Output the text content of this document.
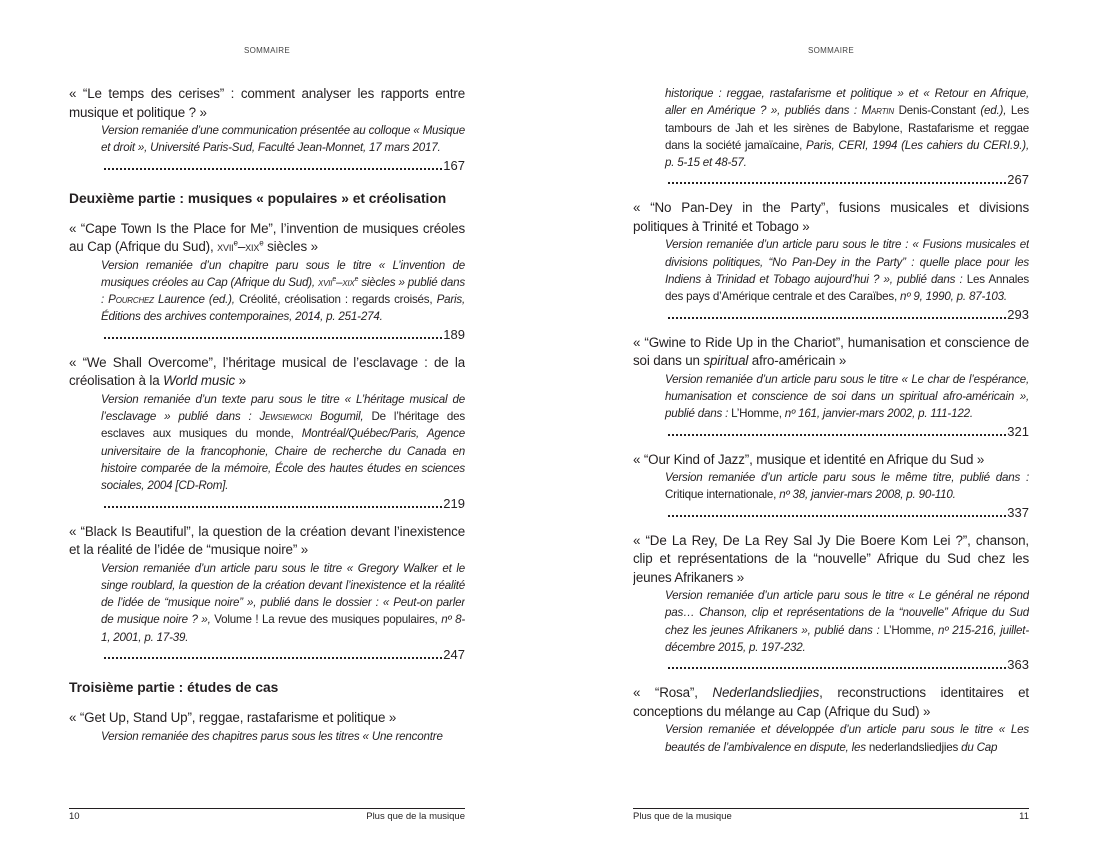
SOMMAIRE
« “Le temps des cerises” : comment analyser les rapports entre musique et politique ? »
Version remaniée d’une communication présentée au colloque « Musique et droit », Université Paris-Sud, Faculté Jean-Monnet, 17 mars 2017.
167
Deuxième partie : musiques « populaires » et créolisation
« “Cape Town Is the Place for Me”, l’invention de musiques créoles au Cap (Afrique du Sud), xvii$^e$–xix$^e$ siècles »
Version remaniée d’un chapitre paru sous le titre « L’invention de musiques créoles au Cap (Afrique du Sud), xvii$^e$–xix$^e$ siècles » publié dans : Pourchez Laurence (ed.), Créolité, créolisation : regards croisés, Paris, Éditions des archives contemporaines, 2014, p. 251-274.
189
« “We Shall Overcome”, l’héritage musical de l’esclavage : de la créolisation à la World music »
Version remaniée d’un texte paru sous le titre « L’héritage musical de l’esclavage » publié dans : Jewsiewicki Bogumil, De l’héritage des esclaves aux musiques du monde, Montréal/Québec/Paris, Agence universitaire de la francophonie, Chaire de recherche du Canada en histoire comparée de la mémoire, École des hautes études en sciences sociales, 2004 [CD-Rom].
219
« “Black Is Beautiful”, la question de la création devant l’inexistence et la réalité de l’idée de “musique noire” »
Version remaniée d’un article paru sous le titre « Gregory Walker et le singe roublard, la question de la création devant l’inexistence et la réalité de l’idée de “musique noire” », publié dans le dossier : « Peut-on parler de musique noire ? », Volume ! La revue des musiques populaires, nº 8-1, 2001, p. 17-39.
247
Troisième partie : études de cas
« “Get Up, Stand Up”, reggae, rastafarisme et politique »
Version remaniée des chapitres parus sous les titres « Une rencontre
10	Plus que de la musique
SOMMAIRE
historique : reggae, rastafarisme et politique » et « Retour en Afrique, aller en Amérique ? », publiés dans : Martin Denis-Constant (ed.), Les tambours de Jah et les sirènes de Babylone, Rastafarisme et reggae dans la société jamaïcaine, Paris, CERI, 1994 (Les cahiers du CERI.9.), p. 5-15 et 48-57.
267
« “No Pan-Dey in the Party”, fusions musicales et divisions politiques à Trinité et Tobago »
Version remaniée d’un article paru sous le titre : « Fusions musicales et divisions politiques, “No Pan-Dey in the Party” : quelle place pour les Indiens à Trinidad et Tobago aujourd’hui ? », publié dans : Les Annales des pays d’Amérique centrale et des Caraïbes, nº 9, 1990, p. 87-103.
293
« “Gwine to Ride Up in the Chariot”, humanisation et conscience de soi dans un spiritual afro-américain »
Version remaniée d’un article paru sous le titre « Le char de l’espérance, humanisation et conscience de soi dans un spiritual afro-américain », publié dans : L’Homme, nº 161, janvier-mars 2002, p. 111-122.
321
« “Our Kind of Jazz”, musique et identité en Afrique du Sud »
Version remaniée d’un article paru sous le même titre, publié dans : Critique internationale, nº 38, janvier-mars 2008, p. 90-110.
337
« “De La Rey, De La Rey Sal Jy Die Boere Kom Lei ?”, chanson, clip et représentations de la “nouvelle” Afrique du Sud chez les jeunes Afrikaners »
Version remaniée d’un article paru sous le titre « Le général ne répond pas… Chanson, clip et représentations de la “nouvelle” Afrique du Sud chez les jeunes Afrikaners », publié dans : L’Homme, nº 215-216, juillet-décembre 2015, p. 197-232.
363
« “Rosa”, Nederlandsliedjies, reconstructions identitaires et conceptions du mélange au Cap (Afrique du Sud) »
Version remaniée et développée d’un article paru sous le titre « Les beautés de l’ambivalence en dispute, les nederlandsliedjies du Cap
Plus que de la musique	11
